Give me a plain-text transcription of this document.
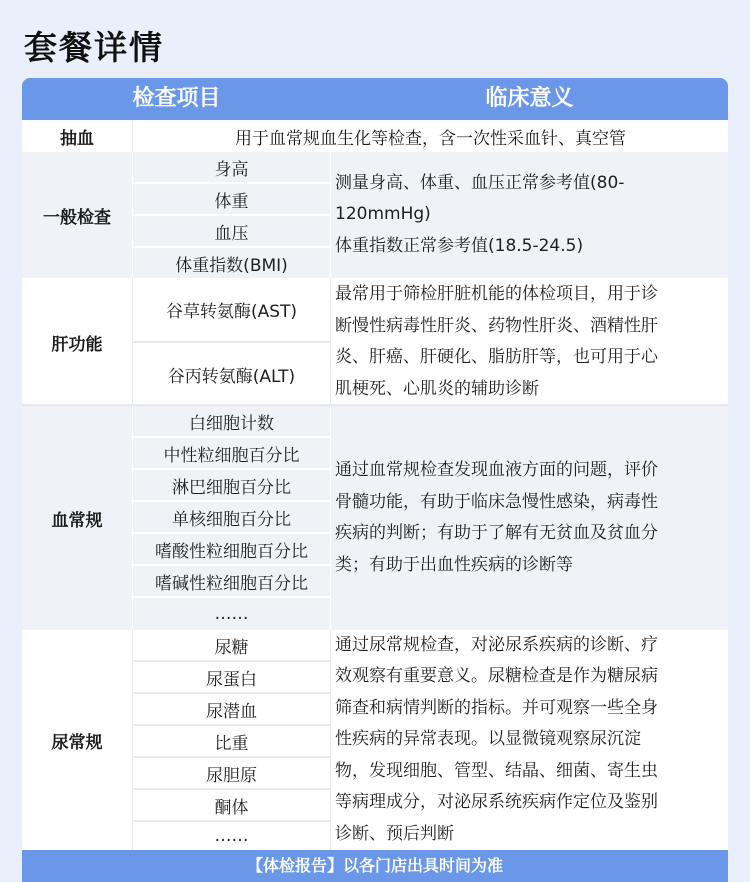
套餐详情
检查项目	临床意义
抽血	用于血常规血生化等检查，含一次性采血针、真空管
一般检查
身高
体重
血压
体重指数(BMI)
测量身高、体重、血压正常参考值(80-
120mmHg)
体重指数正常参考值(18.5-24.5)
肝功能
谷草转氨酶(AST)
谷丙转氨酶(ALT)
最常用于筛检肝脏机能的体检项目，用于诊
断慢性病毒性肝炎、药物性肝炎、酒精性肝
炎、肝癌、肝硬化、脂肪肝等，也可用于心
肌梗死、心肌炎的辅助诊断
血常规
白细胞计数
中性粒细胞百分比
淋巴细胞百分比
单核细胞百分比
嗜酸性粒细胞百分比
嗜碱性粒细胞百分比
……
通过血常规检查发现血液方面的问题，评价
骨髓功能，有助于临床急慢性感染，病毒性
疾病的判断；有助于了解有无贫血及贫血分
类；有助于出血性疾病的诊断等
尿常规
尿糖
尿蛋白
尿潜血
比重
尿胆原
酮体
……
通过尿常规检查，对泌尿系疾病的诊断、疗
效观察有重要意义。尿糖检查是作为糖尿病
筛查和病情判断的指标。并可观察一些全身
性疾病的异常表现。以显微镜观察尿沉淀
物，发现细胞、管型、结晶、细菌、寄生虫
等病理成分，对泌尿系统疾病作定位及鉴别
诊断、预后判断
【体检报告】以各门店出具时间为准
